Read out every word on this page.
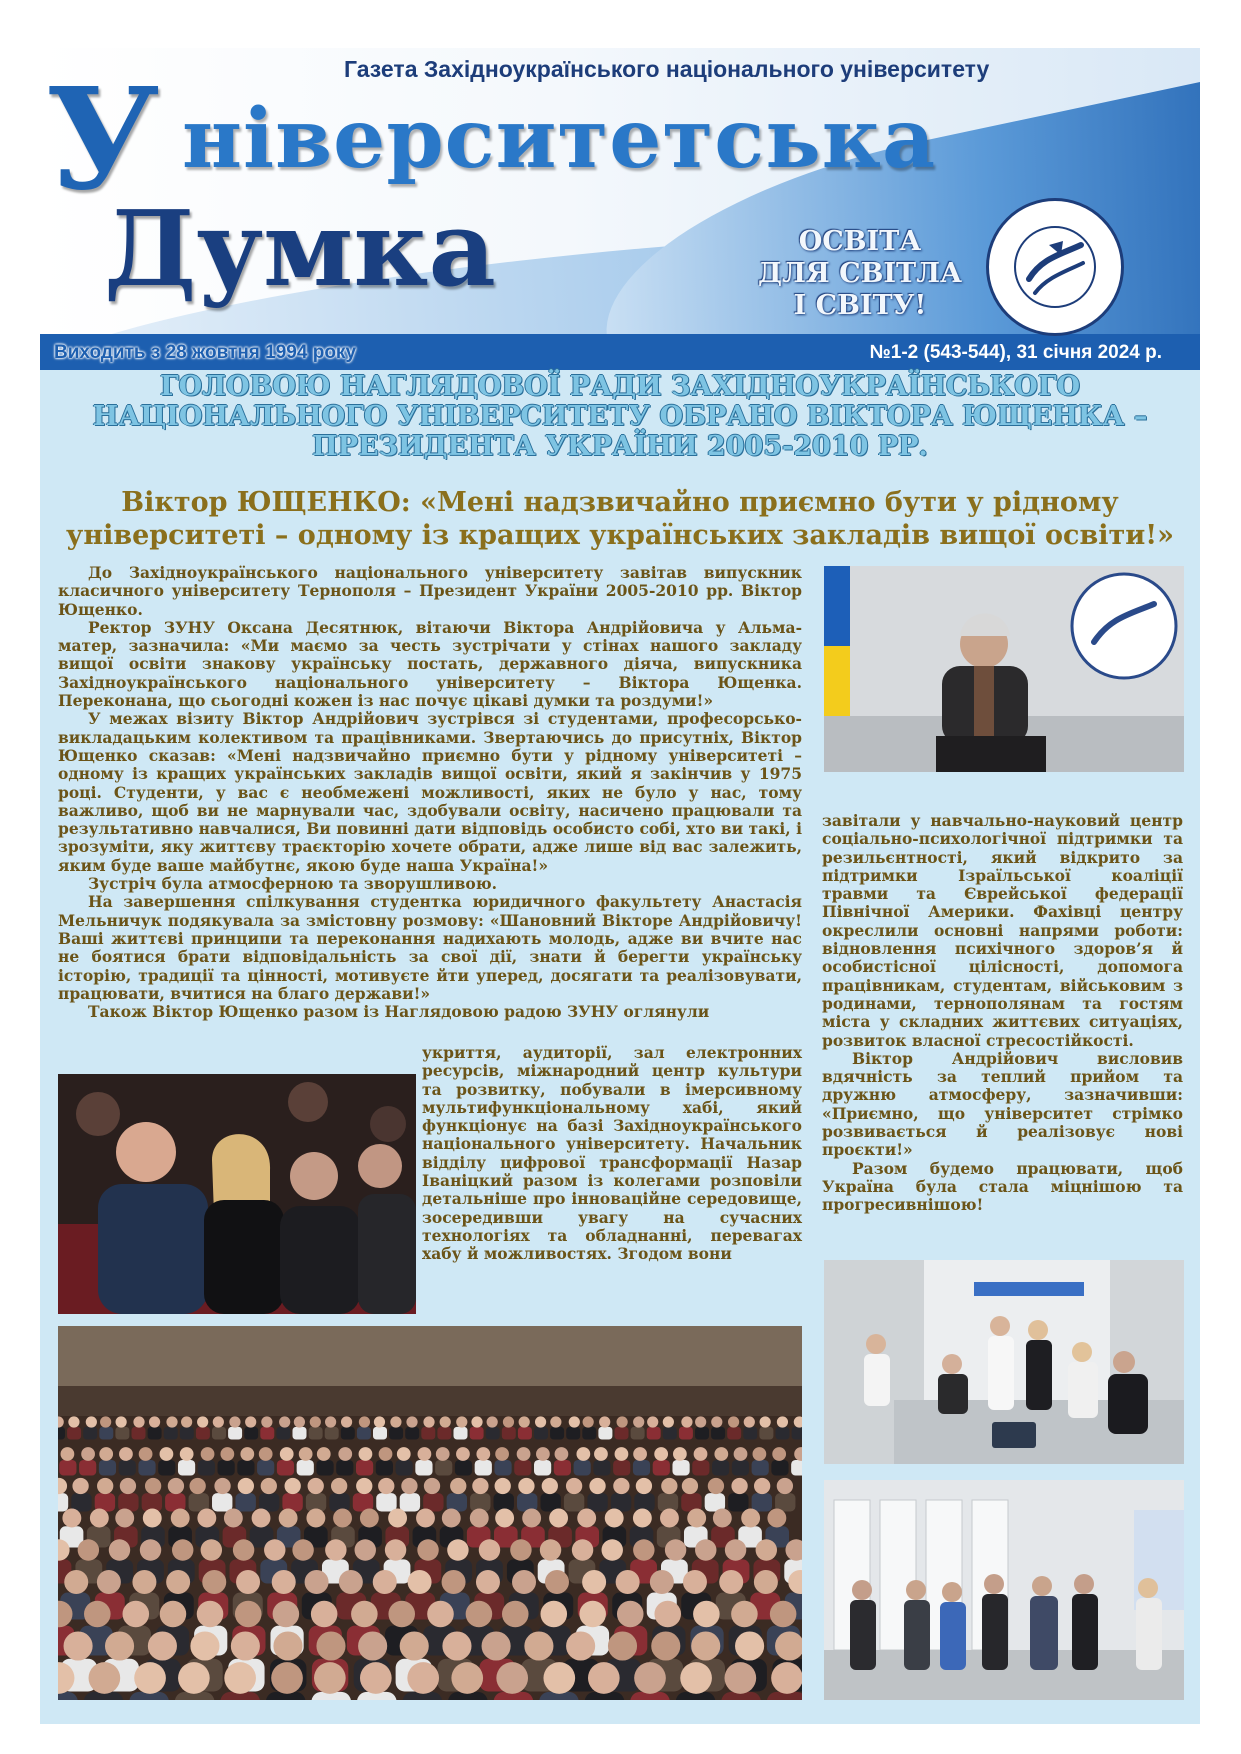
Газета Західноукраїнського національного університету
У ніверситетська
Думка	ОСВІТА
ДЛЯ СВІТЛА
І СВІТУ!
Виходить з 28 жовтня 1994 року	№1-2 (543-544), 31 січня 2024 р.
ГОЛОВОЮ НАГЛЯДОВОЇ РАДИ ЗАХІДНОУКРАЇНСЬКОГО НАЦІОНАЛЬНОГО УНІВЕРСИТЕТУ ОБРАНО ВІКТОРА ЮЩЕНКА – ПРЕЗИДЕНТА УКРАЇНИ 2005-2010 РР.
Віктор ЮЩЕНКО: «Мені надзвичайно приємно бути у рідному університеті – одному із кращих українських закладів вищої освіти!»

До Західноукраїнського національного університету завітав випускник класичного університету Тернополя – Президент України 2005-2010 рр. Віктор Ющенко.

Ректор ЗУНУ Оксана Десятнюк, вітаючи Віктора Андрійовича у Альма-матер, зазначила: «Ми маємо за честь зустрічати у стінах нашого закладу вищої освіти знакову українську постать, державного діяча, випускника Західноукраїнського національного університету – Віктора Ющенка. Переконана, що сьогодні кожен із нас почує цікаві думки та роздуми!»

У межах візиту Віктор Андрійович зустрівся зі студентами, професорсько-викладацьким колективом та працівниками. Звертаючись до присутніх, Віктор Ющенко сказав: «Мені надзвичайно приємно бути у рідному університеті – одному із кращих українських закладів вищої освіти, який я закінчив у 1975 році. Студенти, у вас є необмежені можливості, яких не було у нас, тому важливо, щоб ви не марнували час, здобували освіту, насичено працювали та результативно навчалися, Ви повинні дати відповідь особисто собі, хто ви такі, і зрозуміти, яку життєву траєкторію хочете обрати, адже лише від вас залежить, яким буде ваше майбутнє, якою буде наша Україна!»

Зустріч була атмосферною та зворушливою.

На завершення спілкування студентка юридичного факультету Анастасія Мельничук подякувала за змістовну розмову: «Шановний Вікторе Андрійовичу! Ваші життєві принципи та переконання надихають молодь, адже ви вчите нас не боятися брати відповідальність за свої дії, знати й берегти українську історію, традиції та цінності, мотивуєте йти уперед, досягати та реалізовувати, працювати, вчитися на благо держави!»

Також Віктор Ющенко разом із Наглядовою радою ЗУНУ оглянули

укриття, аудиторії, зал електронних ресурсів, міжнародний центр культури та розвитку, побували в імерсивному мультифункціональному хабі, який функціонує на базі Західноукраїнського національного університету. Начальник відділу цифрової трансформації Назар Іваніцкий разом із колегами розповіли детальніше про інноваційне середовище, зосередивши увагу на сучасних технологіях та обладнанні, перевагах хабу й можливостях. Згодом вони

завітали у навчально-науковий центр соціально-психологічної підтримки та резильєнтності, який відкрито за підтримки Ізраїльської коаліції травми та Єврейської федерації Північної Америки. Фахівці центру окреслили основні напрями роботи: відновлення психічного здоров’я й особистісної цілісності, допомога працівникам, студентам, військовим з родинами, тернополянам та гостям міста у складних життєвих ситуаціях, розвиток власної стресостійкості.

Віктор Андрійович висловив вдячність за теплий прийом та дружню атмосферу, зазначивши: «Приємно, що університет стрімко розвивається й реалізовує нові проєкти!»

Разом будемо працювати, щоб Україна була стала міцнішою та прогресивнішою!
